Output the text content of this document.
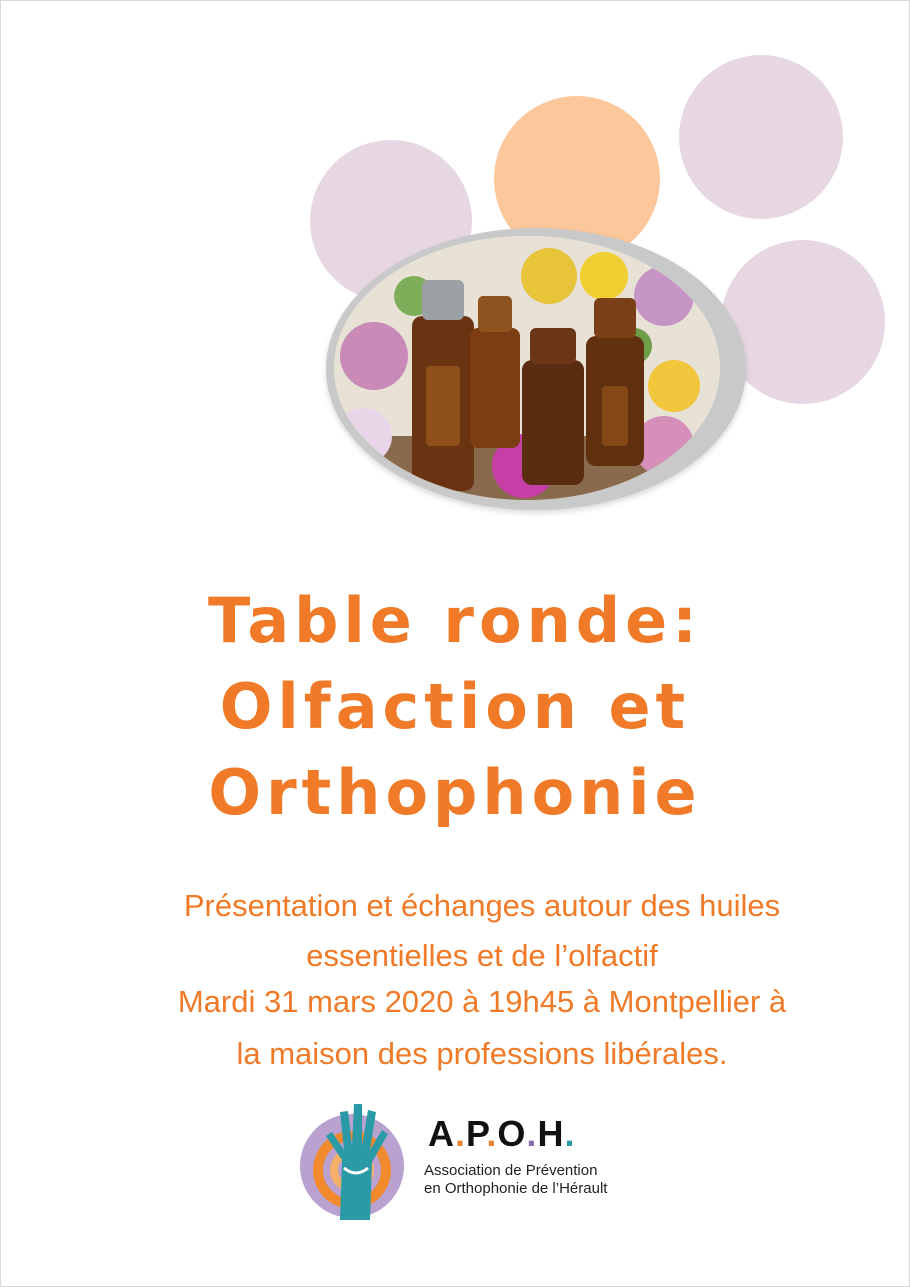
Table ronde:
Olfaction et
Orthophonie
Présentation et échanges autour des huiles
essentielles et de l’olfactif
Mardi 31 mars 2020 à 19h45 à Montpellier à
la maison des professions libérales.
A.P.O.H.
Association de Prévention
en Orthophonie de l’Hérault
